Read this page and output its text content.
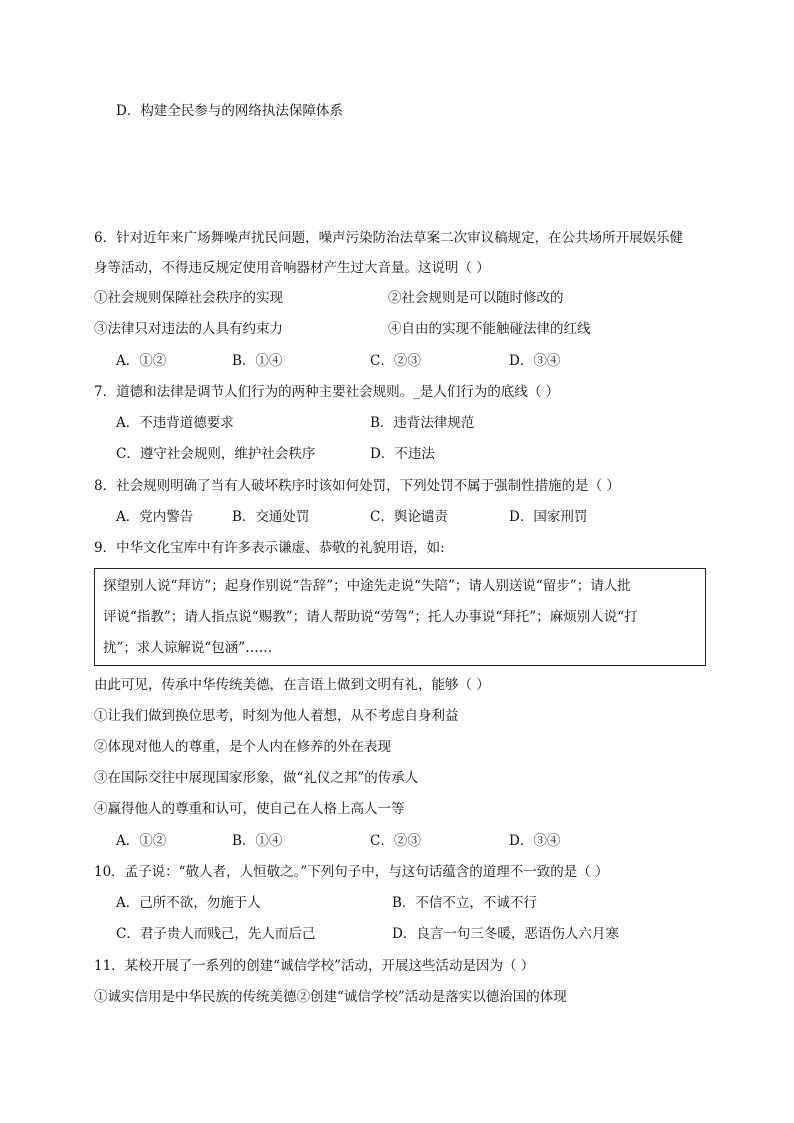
D．构建全民参与的网络执法保障体系
6．针对近年来广场舞噪声扰民问题，噪声污染防治法草案二次审议稿规定，在公共场所开展娱乐健
身等活动，不得违反规定使用音响器材产生过大音量。这说明（ ）
①社会规则保障社会秩序的实现	②社会规则是可以随时修改的
③法律只对违法的人具有约束力	④自由的实现不能触碰法律的红线
A．①②	B．①④	C．②③	D．③④
7．道德和法律是调节人们行为的两种主要社会规则。_是人们行为的底线（ ）
A．不违背道德要求	B．违背法律规范
C．遵守社会规则，维护社会秩序	D．不违法
8．社会规则明确了当有人破坏秩序时该如何处罚，下列处罚不属于强制性措施的是（ ）
A．党内警告	B．交通处罚	C．舆论谴责	D．国家刑罚
9．中华文化宝库中有许多表示谦虚、恭敬的礼貌用语，如:
探望别人说“拜访”；起身作别说“告辞”；中途先走说“失陪”；请人别送说“留步”；请人批
评说“指教”；请人指点说“赐教”；请人帮助说“劳驾”；托人办事说“拜托”；麻烦别人说“打
扰”；求人谅解说“包涵”……
由此可见，传承中华传统美德，在言语上做到文明有礼，能够（ ）
①让我们做到换位思考，时刻为他人着想，从不考虑自身利益
②体现对他人的尊重，是个人内在修养的外在表现
③在国际交往中展现国家形象，做“礼仪之邦”的传承人
④赢得他人的尊重和认可，使自己在人格上高人一等
A．①②	B．①④	C．②③	D．③④
10．孟子说：“敬人者，人恒敬之。”下列句子中，与这句话蕴含的道理不一致的是（ ）
A．己所不欲，勿施于人	B．不信不立，不诚不行
C．君子贵人而贱己，先人而后己	D．良言一句三冬暖，恶语伤人六月寒
11．某校开展了一系列的创建“诚信学校”活动，开展这些活动是因为（ ）
①诚实信用是中华民族的传统美德②创建“诚信学校”活动是落实以德治国的体现
